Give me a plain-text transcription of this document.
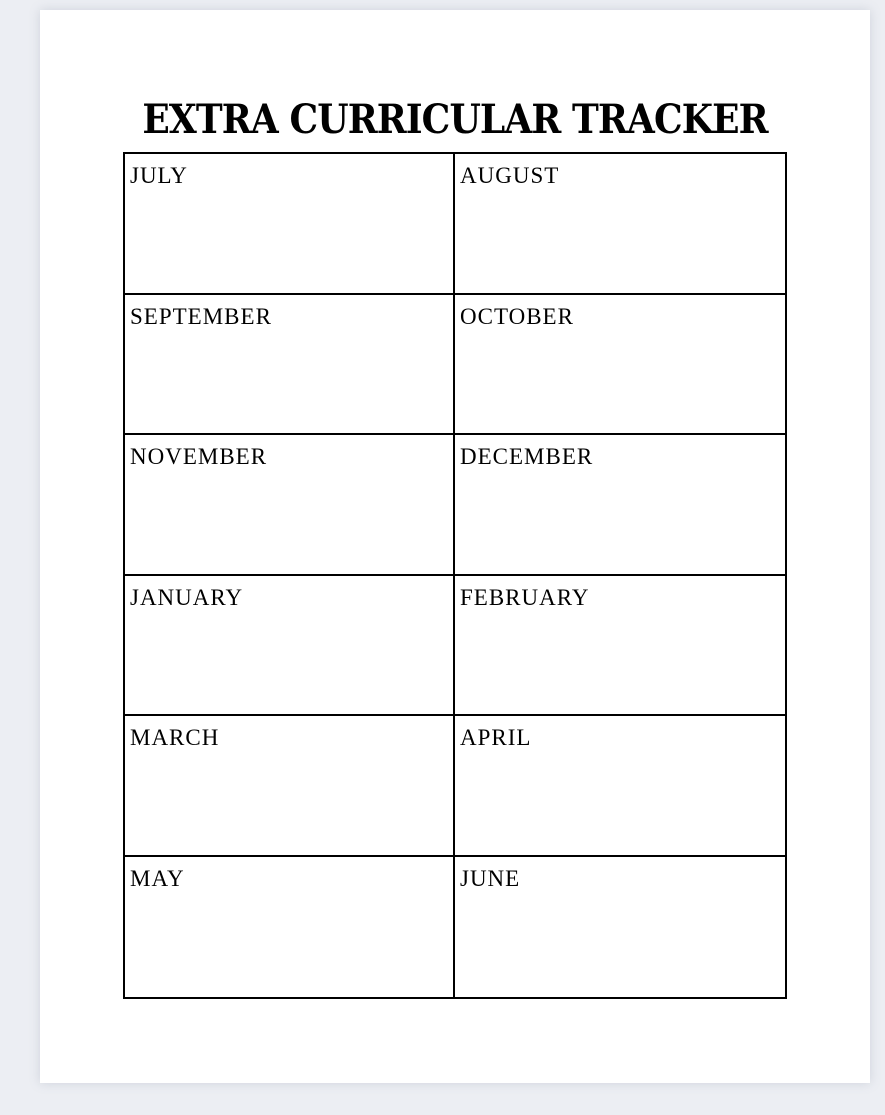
EXTRA CURRICULAR TRACKER
JULY	AUGUST
SEPTEMBER	OCTOBER
NOVEMBER	DECEMBER
JANUARY	FEBRUARY
MARCH	APRIL
MAY	JUNE
